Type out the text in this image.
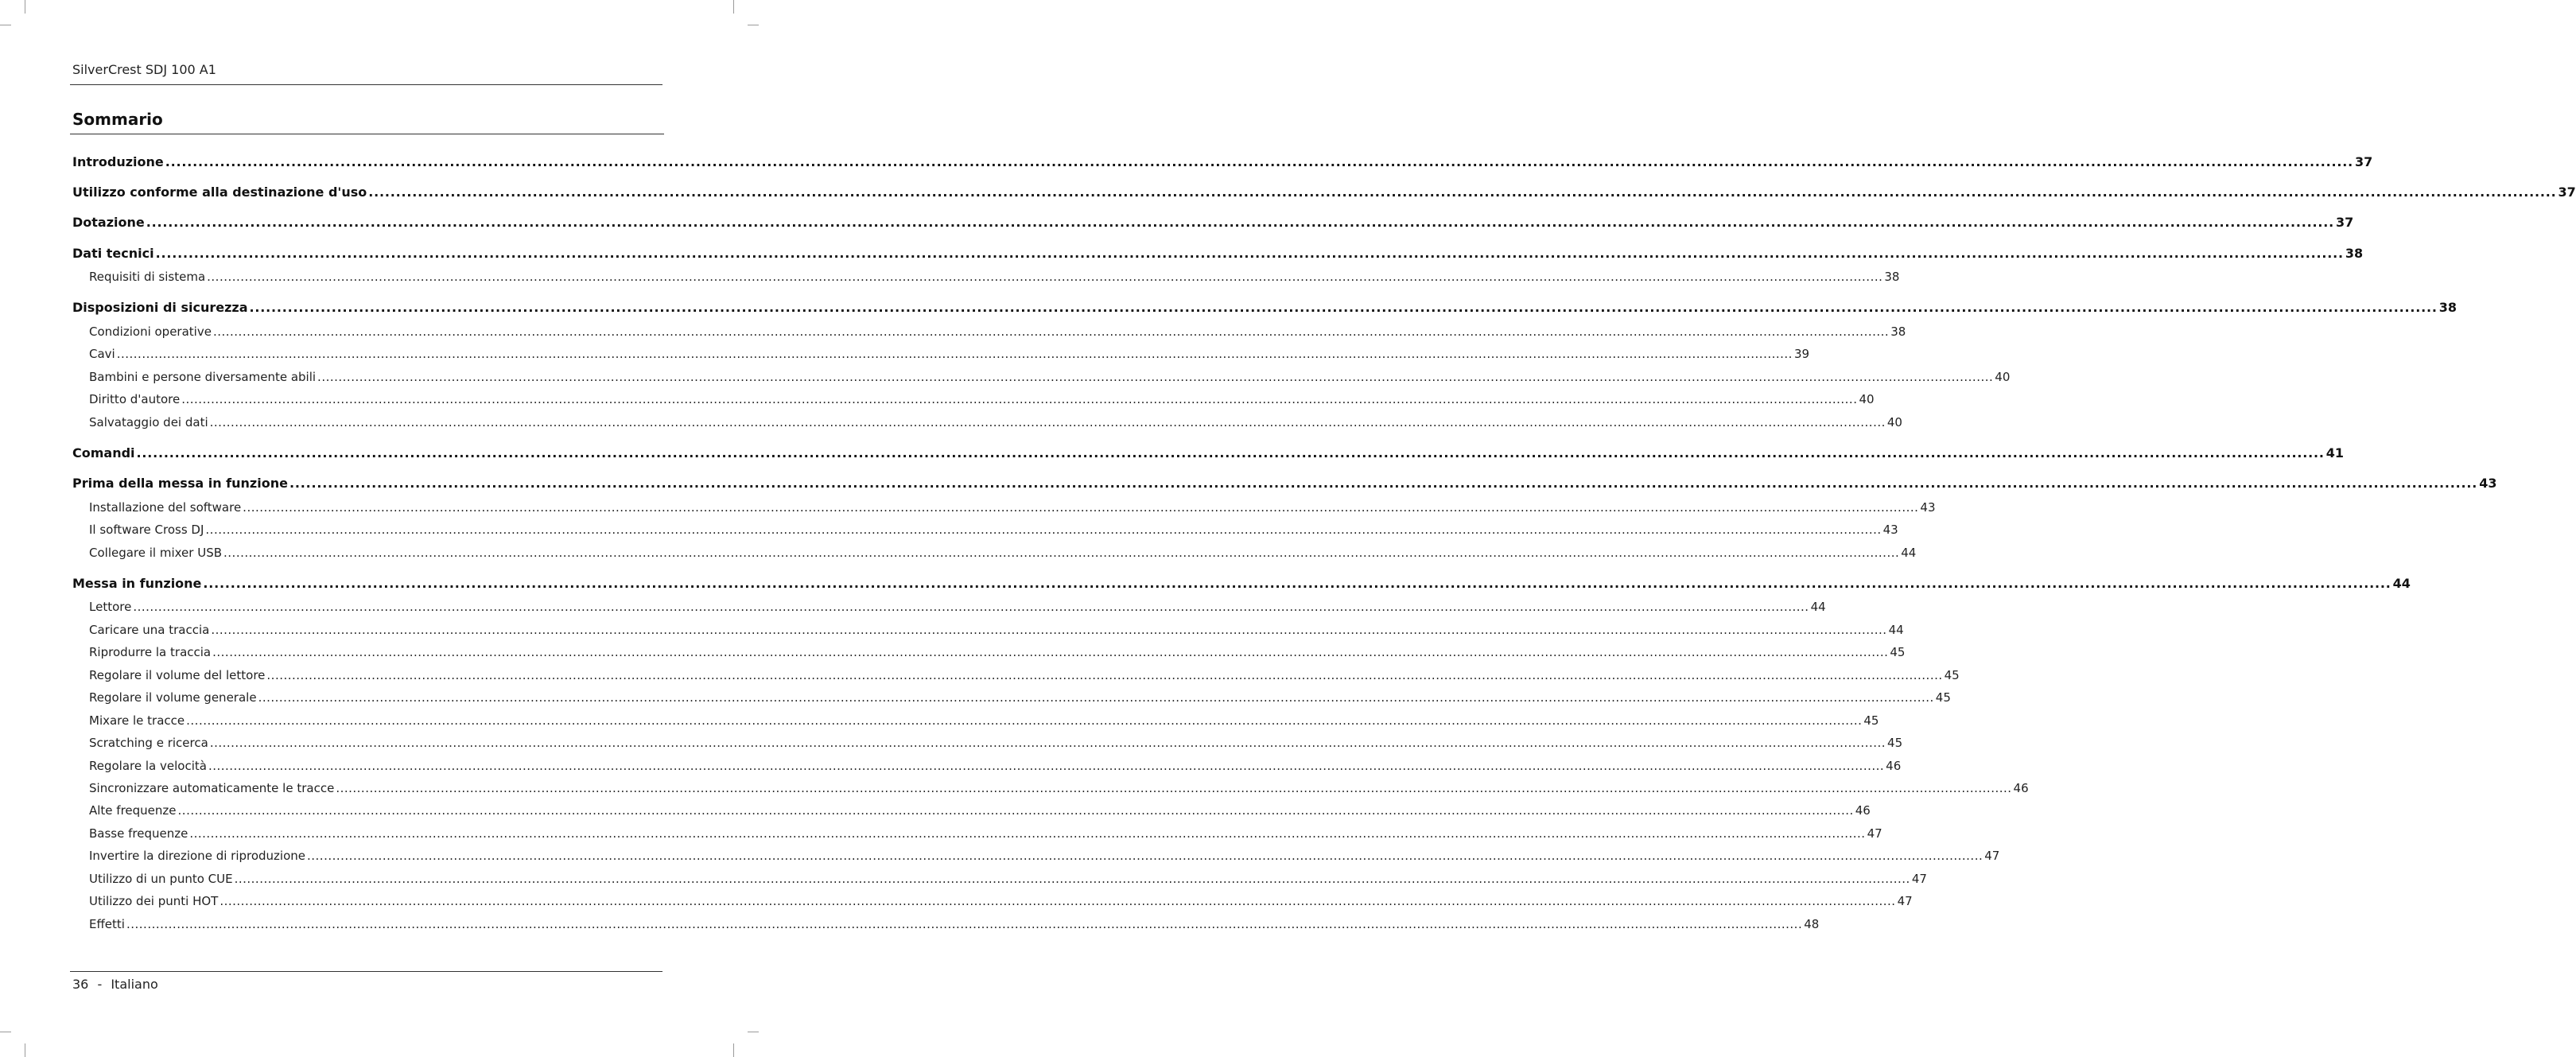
SilverCrest SDJ 100 A1
Sommario
Introduzione ................................................................................................................................................................................................................................................................................................................................................................................................................ 37
Utilizzo conforme alla destinazione d'uso ................................................................................................................................................................................................................................................................................................................................................................................................................ 37
Dotazione ................................................................................................................................................................................................................................................................................................................................................................................................................ 37
Dati tecnici ................................................................................................................................................................................................................................................................................................................................................................................................................ 38
Requisiti di sistema ................................................................................................................................................................................................................................................................................................................................................................................................................ 38
Disposizioni di sicurezza ................................................................................................................................................................................................................................................................................................................................................................................................................ 38
Condizioni operative ................................................................................................................................................................................................................................................................................................................................................................................................................ 38
Cavi ................................................................................................................................................................................................................................................................................................................................................................................................................ 39
Bambini e persone diversamente abili ................................................................................................................................................................................................................................................................................................................................................................................................................ 40
Diritto d'autore ................................................................................................................................................................................................................................................................................................................................................................................................................ 40
Salvataggio dei dati ................................................................................................................................................................................................................................................................................................................................................................................................................ 40
Comandi ................................................................................................................................................................................................................................................................................................................................................................................................................ 41
Prima della messa in funzione ................................................................................................................................................................................................................................................................................................................................................................................................................ 43
Installazione del software ................................................................................................................................................................................................................................................................................................................................................................................................................ 43
Il software Cross DJ ................................................................................................................................................................................................................................................................................................................................................................................................................ 43
Collegare il mixer USB ................................................................................................................................................................................................................................................................................................................................................................................................................ 44
Messa in funzione ................................................................................................................................................................................................................................................................................................................................................................................................................ 44
Lettore ................................................................................................................................................................................................................................................................................................................................................................................................................ 44
Caricare una traccia ................................................................................................................................................................................................................................................................................................................................................................................................................ 44
Riprodurre la traccia ................................................................................................................................................................................................................................................................................................................................................................................................................ 45
Regolare il volume del lettore ................................................................................................................................................................................................................................................................................................................................................................................................................ 45
Regolare il volume generale ................................................................................................................................................................................................................................................................................................................................................................................................................ 45
Mixare le tracce ................................................................................................................................................................................................................................................................................................................................................................................................................ 45
Scratching e ricerca ................................................................................................................................................................................................................................................................................................................................................................................................................ 45
Regolare la velocità ................................................................................................................................................................................................................................................................................................................................................................................................................ 46
Sincronizzare automaticamente le tracce ................................................................................................................................................................................................................................................................................................................................................................................................................ 46
Alte frequenze ................................................................................................................................................................................................................................................................................................................................................................................................................ 46
Basse frequenze ................................................................................................................................................................................................................................................................................................................................................................................................................ 47
Invertire la direzione di riproduzione ................................................................................................................................................................................................................................................................................................................................................................................................................ 47
Utilizzo di un punto CUE ................................................................................................................................................................................................................................................................................................................................................................................................................ 47
Utilizzo dei punti HOT ................................................................................................................................................................................................................................................................................................................................................................................................................ 47
Effetti ................................................................................................................................................................................................................................................................................................................................................................................................................ 48
36 - Italiano
